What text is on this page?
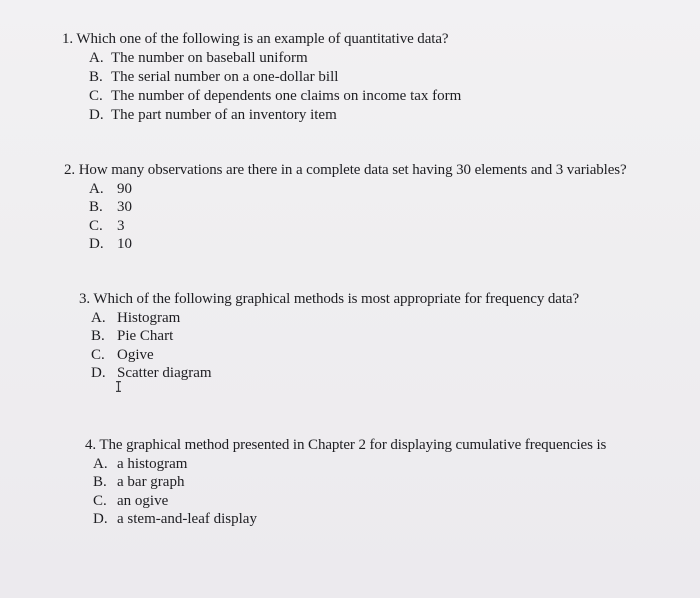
1. Which one of the following is an example of quantitative data?
A. The number on baseball uniform
B. The serial number on a one-dollar bill
C. The number of dependents one claims on income tax form
D. The part number of an inventory item
2. How many observations are there in a complete data set having 30 elements and 3 variables?
A. 90
B. 30
C. 3
D. 10
3. Which of the following graphical methods is most appropriate for frequency data?
A. Histogram
B. Pie Chart
C. Ogive
D. Scatter diagram
I
4. The graphical method presented in Chapter 2 for displaying cumulative frequencies is
A. a histogram
B. a bar graph
C. an ogive
D. a stem-and-leaf display
